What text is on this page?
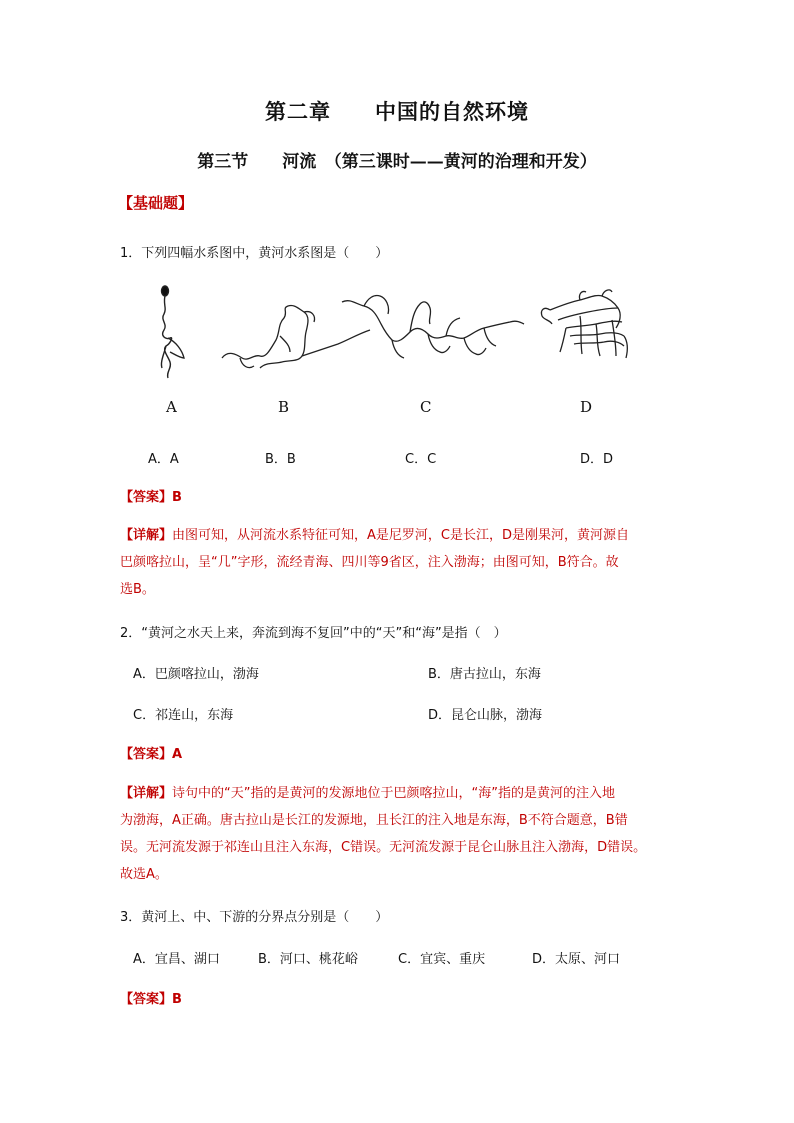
第二章　　中国的自然环境
第三节　　河流　（第三课时——黄河的治理和开发）
【基础题】
1．下列四幅水系图中，黄河水系图是（　　）
A	B	C	D
A．A	B．B	C．C	D．D
【答案】B
【详解】由图可知，从河流水系特征可知，A是尼罗河，C是长江，D是刚果河，黄河源自
巴颜喀拉山，呈“几”字形，流经青海、四川等9省区，注入渤海；由图可知，B符合。故
选B。
2．“黄河之水天上来，奔流到海不复回”中的“天”和“海”是指（　）
A．巴颜喀拉山，渤海	B．唐古拉山，东海
C．祁连山，东海	D．昆仑山脉，渤海
【答案】A
【详解】诗句中的“天”指的是黄河的发源地位于巴颜喀拉山，“海”指的是黄河的注入地
为渤海，A正确。唐古拉山是长江的发源地，且长江的注入地是东海，B不符合题意，B错
误。无河流发源于祁连山且注入东海，C错误。无河流发源于昆仑山脉且注入渤海，D错误。
故选A。
3．黄河上、中、下游的分界点分别是（　　）
A．宜昌、湖口	B．河口、桃花峪	C．宜宾、重庆	D．太原、河口
【答案】B
